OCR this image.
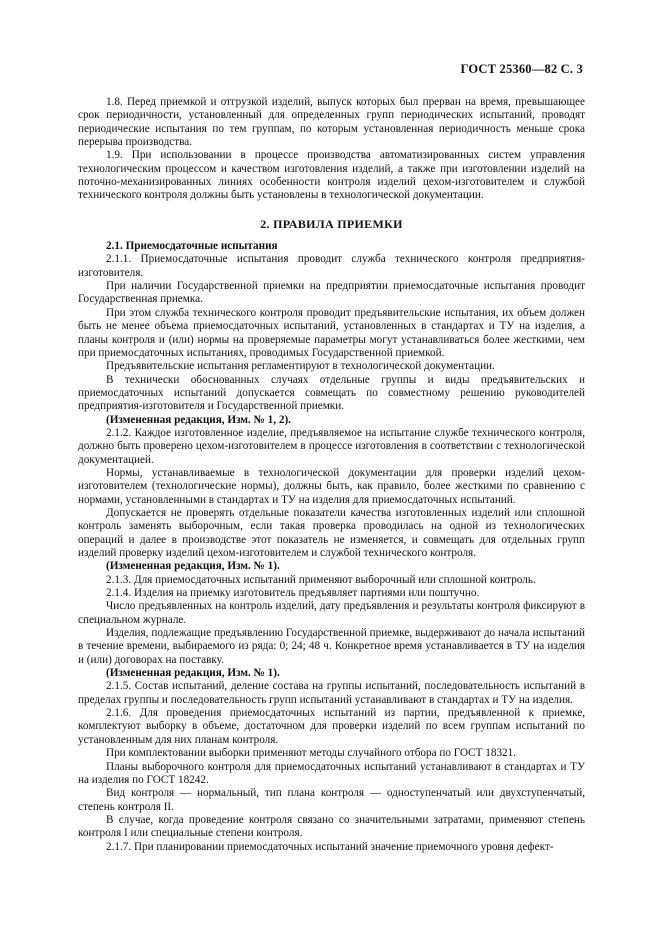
ГОСТ 25360—82 С. 3

1.8. Перед приемкой и отгрузкой изделий, выпуск которых был прерван на время, превышающее срок периодичности, установленный для определенных групп периодических испытаний, проводят периодические испытания по тем группам, по которым установленная периодичность меньше срока перерыва производства.

1.9. При использовании в процессе производства автоматизированных систем управления технологическим процессом и качеством изготовления изделий, а также при изготовлении изделий на поточно-механизированных линиях особенности контроля изделий цехом-изготовителем и службой технического контроля должны быть установлены в технологической документации.

2. ПРАВИЛА ПРИЕМКИ

2.1. Приемосдаточные испытания

2.1.1. Приемосдаточные испытания проводит служба технического контроля предприятия-изготовителя.

При наличии Государственной приемки на предприятии приемосдаточные испытания проводит Государственная приемка.

При этом служба технического контроля проводит предъявительские испытания, их объем должен быть не менее объема приемосдаточных испытаний, установленных в стандартах и ТУ на изделия, а планы контроля и (или) нормы на проверяемые параметры могут устанавливаться более жесткими, чем при приемосдаточных испытаниях, проводимых Государственной приемкой.

Предъявительские испытания регламентируют в технологической документации.

В технически обоснованных случаях отдельные группы и виды предъявительских и приемосдаточных испытаний допускается совмещать по совместному решению руководителей предприятия-изготовителя и Государственной приемки.

(Измененная редакция, Изм. № 1, 2).

2.1.2. Каждое изготовленное изделие, предъявляемое на испытание службе технического контроля, должно быть проверено цехом-изготовителем в процессе изготовления в соответствии с технологической документацией.

Нормы, устанавливаемые в технологической документации для проверки изделий цехом-изготовителем (технологические нормы), должны быть, как правило, более жесткими по сравнению с нормами, установленными в стандартах и ТУ на изделия для приемосдаточных испытаний.

Допускается не проверять отдельные показатели качества изготовленных изделий или сплошной контроль заменять выборочным, если такая проверка проводилась на одной из технологических операций и далее в производстве этот показатель не изменяется, и совмещать для отдельных групп изделий проверку изделий цехом-изготовителем и службой технического контроля.

(Измененная редакция, Изм. № 1).

2.1.3. Для приемосдаточных испытаний применяют выборочный или сплошной контроль.

2.1.4. Изделия на приемку изготовитель предъявляет партиями или поштучно.

Число предъявленных на контроль изделий, дату предъявления и результаты контроля фиксируют в специальном журнале.

Изделия, подлежащие предъявлению Государственной приемке, выдерживают до начала испытаний в течение времени, выбираемого из ряда: 0; 24; 48 ч. Конкретное время устанавливается в ТУ на изделия и (или) договорах на поставку.

(Измененная редакция, Изм. № 1).

2.1.5. Состав испытаний, деление состава на группы испытаний, последовательность испытаний в пределах группы и последовательность групп испытаний устанавливают в стандартах и ТУ на изделия.

2.1.6. Для проведения приемосдаточных испытаний из партии, предъявленной к приемке, комплектуют выборку в объеме, достаточном для проверки изделий по всем группам испытаний по установленным для них планам контроля.

При комплектовании выборки применяют методы случайного отбора по ГОСТ 18321.

Планы выборочного контроля для приемосдаточных испытаний устанавливают в стандартах и ТУ на изделия по ГОСТ 18242.

Вид контроля — нормальный, тип плана контроля — одноступенчатый или двухступенчатый, степень контроля II.

В случае, когда проведение контроля связано со значительными затратами, применяют степень контроля I или специальные степени контроля.

2.1.7. При планировании приемосдаточных испытаний значение приемочного уровня дефект-
